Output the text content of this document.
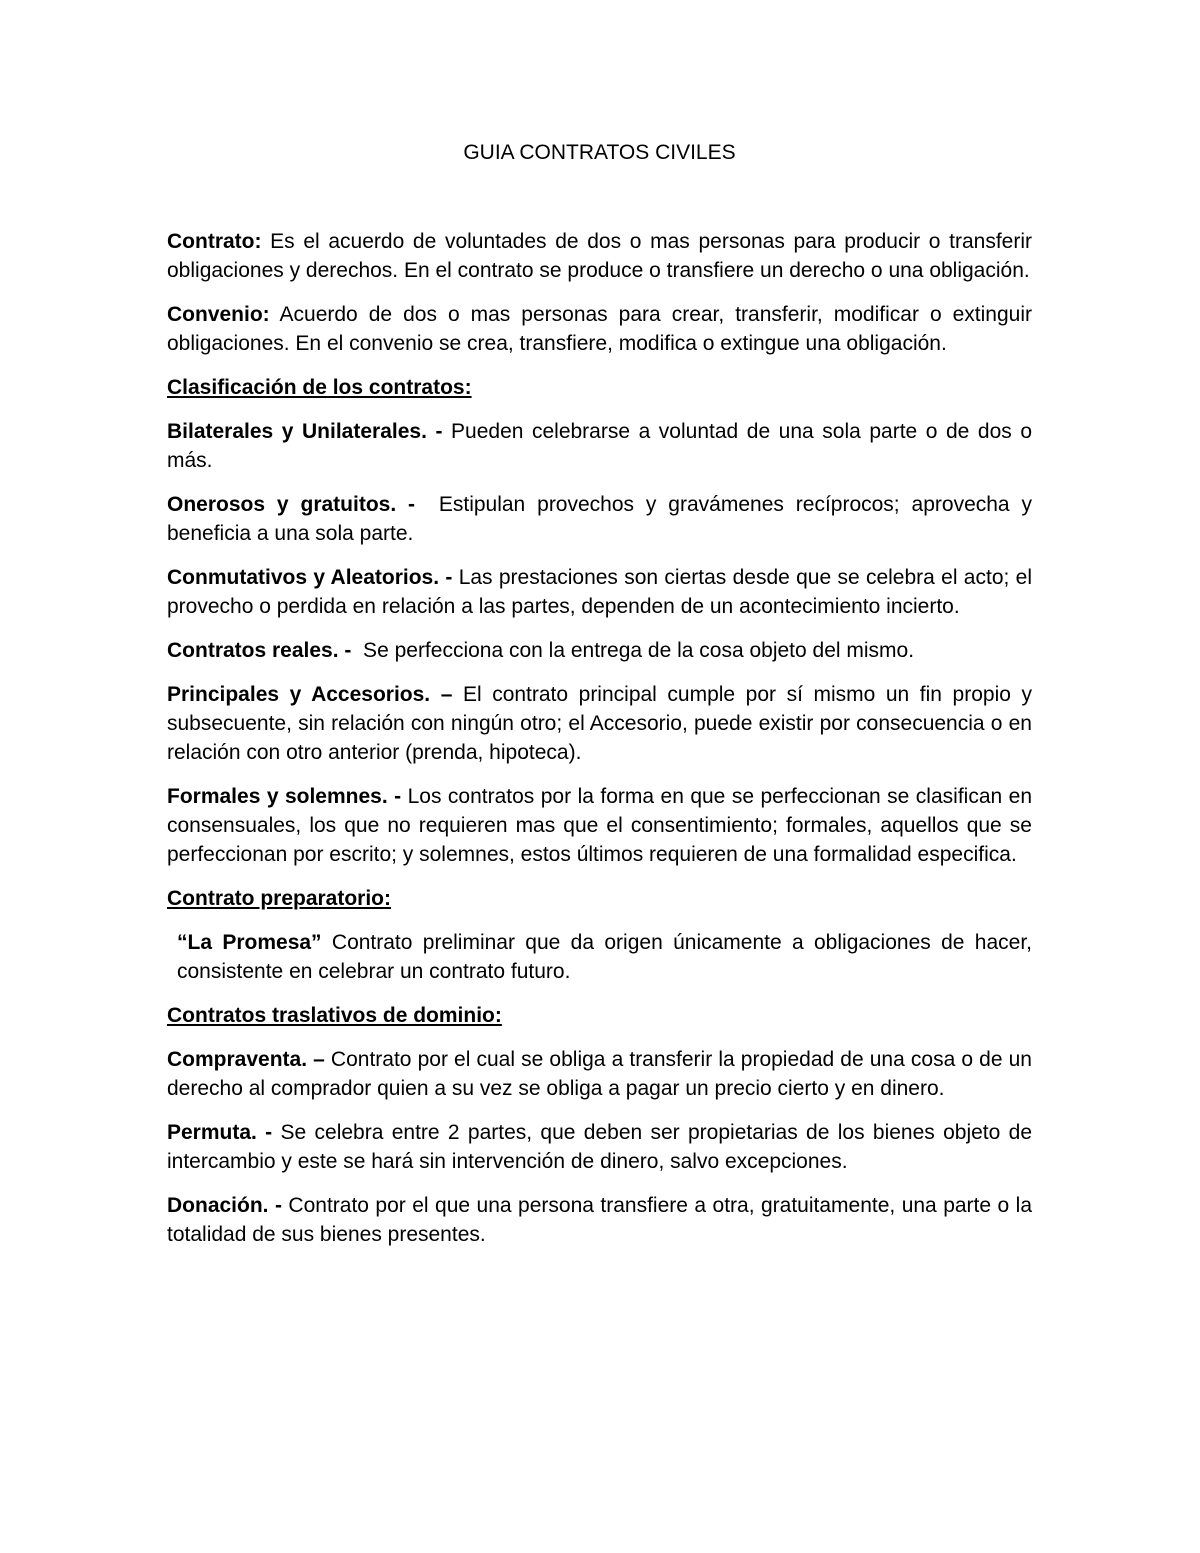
GUIA CONTRATOS CIVILES

Contrato: Es el acuerdo de voluntades de dos o mas personas para producir o transferir obligaciones y derechos. En el contrato se produce o transfiere un derecho o una obligación.

Convenio: Acuerdo de dos o mas personas para crear, transferir, modificar o extinguir obligaciones. En el convenio se crea, transfiere, modifica o extingue una obligación.

Clasificación de los contratos:

Bilaterales y Unilaterales. - Pueden celebrarse a voluntad de una sola parte o de dos o más.

Onerosos y gratuitos. -  Estipulan provechos y gravámenes recíprocos; aprovecha y beneficia a una sola parte.

Conmutativos y Aleatorios. - Las prestaciones son ciertas desde que se celebra el acto; el provecho o perdida en relación a las partes, dependen de un acontecimiento incierto.

Contratos reales. -  Se perfecciona con la entrega de la cosa objeto del mismo.

Principales y Accesorios. – El contrato principal cumple por sí mismo un fin propio y subsecuente, sin relación con ningún otro; el Accesorio, puede existir por consecuencia o en relación con otro anterior (prenda, hipoteca).

Formales y solemnes. - Los contratos por la forma en que se perfeccionan se clasifican en consensuales, los que no requieren mas que el consentimiento; formales, aquellos que se perfeccionan por escrito; y solemnes, estos últimos requieren de una formalidad especifica.

Contrato preparatorio:

“La Promesa” Contrato preliminar que da origen únicamente a obligaciones de hacer, consistente en celebrar un contrato futuro.

Contratos traslativos de dominio:

Compraventa. – Contrato por el cual se obliga a transferir la propiedad de una cosa o de un derecho al comprador quien a su vez se obliga a pagar un precio cierto y en dinero.

Permuta. - Se celebra entre 2 partes, que deben ser propietarias de los bienes objeto de intercambio y este se hará sin intervención de dinero, salvo excepciones.

Donación. - Contrato por el que una persona transfiere a otra, gratuitamente, una parte o la totalidad de sus bienes presentes.
